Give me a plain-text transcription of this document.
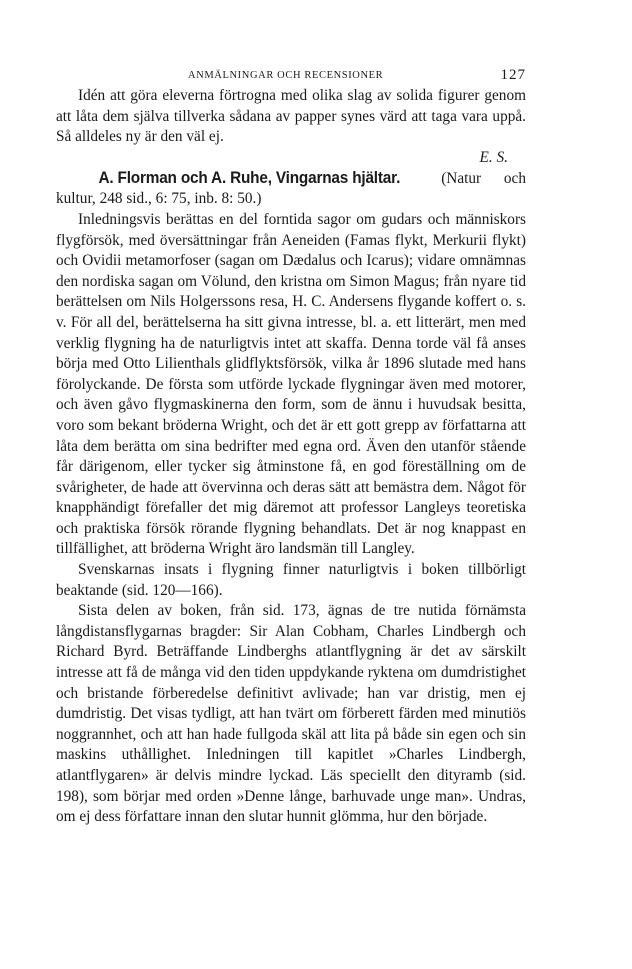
ANMÄLNINGAR OCH RECENSIONER	127

Idén att göra eleverna förtrogna med olika slag av solida figurer genom att låta dem själva tillverka sådana av papper synes värd att taga vara uppå. Så alldeles ny är den väl ej.

E. S.

A. Florman och A. Ruhe, Vingarnas hjältar.	(Natur och kultur, 248 sid., 6: 75, inb. 8: 50.)

Inledningsvis berättas en del forntida sagor om gudars och människors flygförsök, med översättningar från Aeneiden (Famas flykt, Merkurii flykt) och Ovidii metamorfoser (sagan om Dædalus och Icarus); vidare omnämnas den nordiska sagan om Völund, den kristna om Simon Magus; från nyare tid berättelsen om Nils Holgerssons resa, H. C. Andersens flygande koffert o. s. v. För all del, berättelserna ha sitt givna intresse, bl. a. ett litterärt, men med verklig flygning ha de naturligtvis intet att skaffa. Denna torde väl få anses börja med Otto Lilienthals glidflyktsförsök, vilka år 1896 slutade med hans förolyckande. De första som utförde lyckade flygningar även med motorer, och även gåvo flygmaskinerna den form, som de ännu i huvudsak besitta, voro som bekant bröderna Wright, och det är ett gott grepp av författarna att låta dem berätta om sina bedrifter med egna ord. Även den utanför stående får därigenom, eller tycker sig åtminstone få, en god föreställning om de svårigheter, de hade att övervinna och deras sätt att bemästra dem. Något för knapphändigt förefaller det mig däremot att professor Langleys teoretiska och praktiska försök rörande flygning behandlats. Det är nog knappast en tillfällighet, att bröderna Wright äro landsmän till Langley.

Svenskarnas insats i flygning finner naturligtvis i boken tillbörligt beaktande (sid. 120—166).

Sista delen av boken, från sid. 173, ägnas de tre nutida förnämsta långdistansflygarnas bragder: Sir Alan Cobham, Charles Lindbergh och Richard Byrd. Beträffande Lindberghs atlantflygning är det av särskilt intresse att få de många vid den tiden uppdykande ryktena om dumdristighet och bristande förberedelse definitivt avlivade; han var dristig, men ej dumdristig. Det visas tydligt, att han tvärt om förberett färden med minutiös noggrannhet, och att han hade fullgoda skäl att lita på både sin egen och sin maskins uthållighet. Inledningen till kapitlet »Charles Lindbergh, atlantflygaren» är delvis mindre lyckad. Läs speciellt den dityramb (sid. 198), som börjar med orden »Denne långe, barhuvade unge man». Undras, om ej dess författare innan den slutar hunnit glömma, hur den började.
